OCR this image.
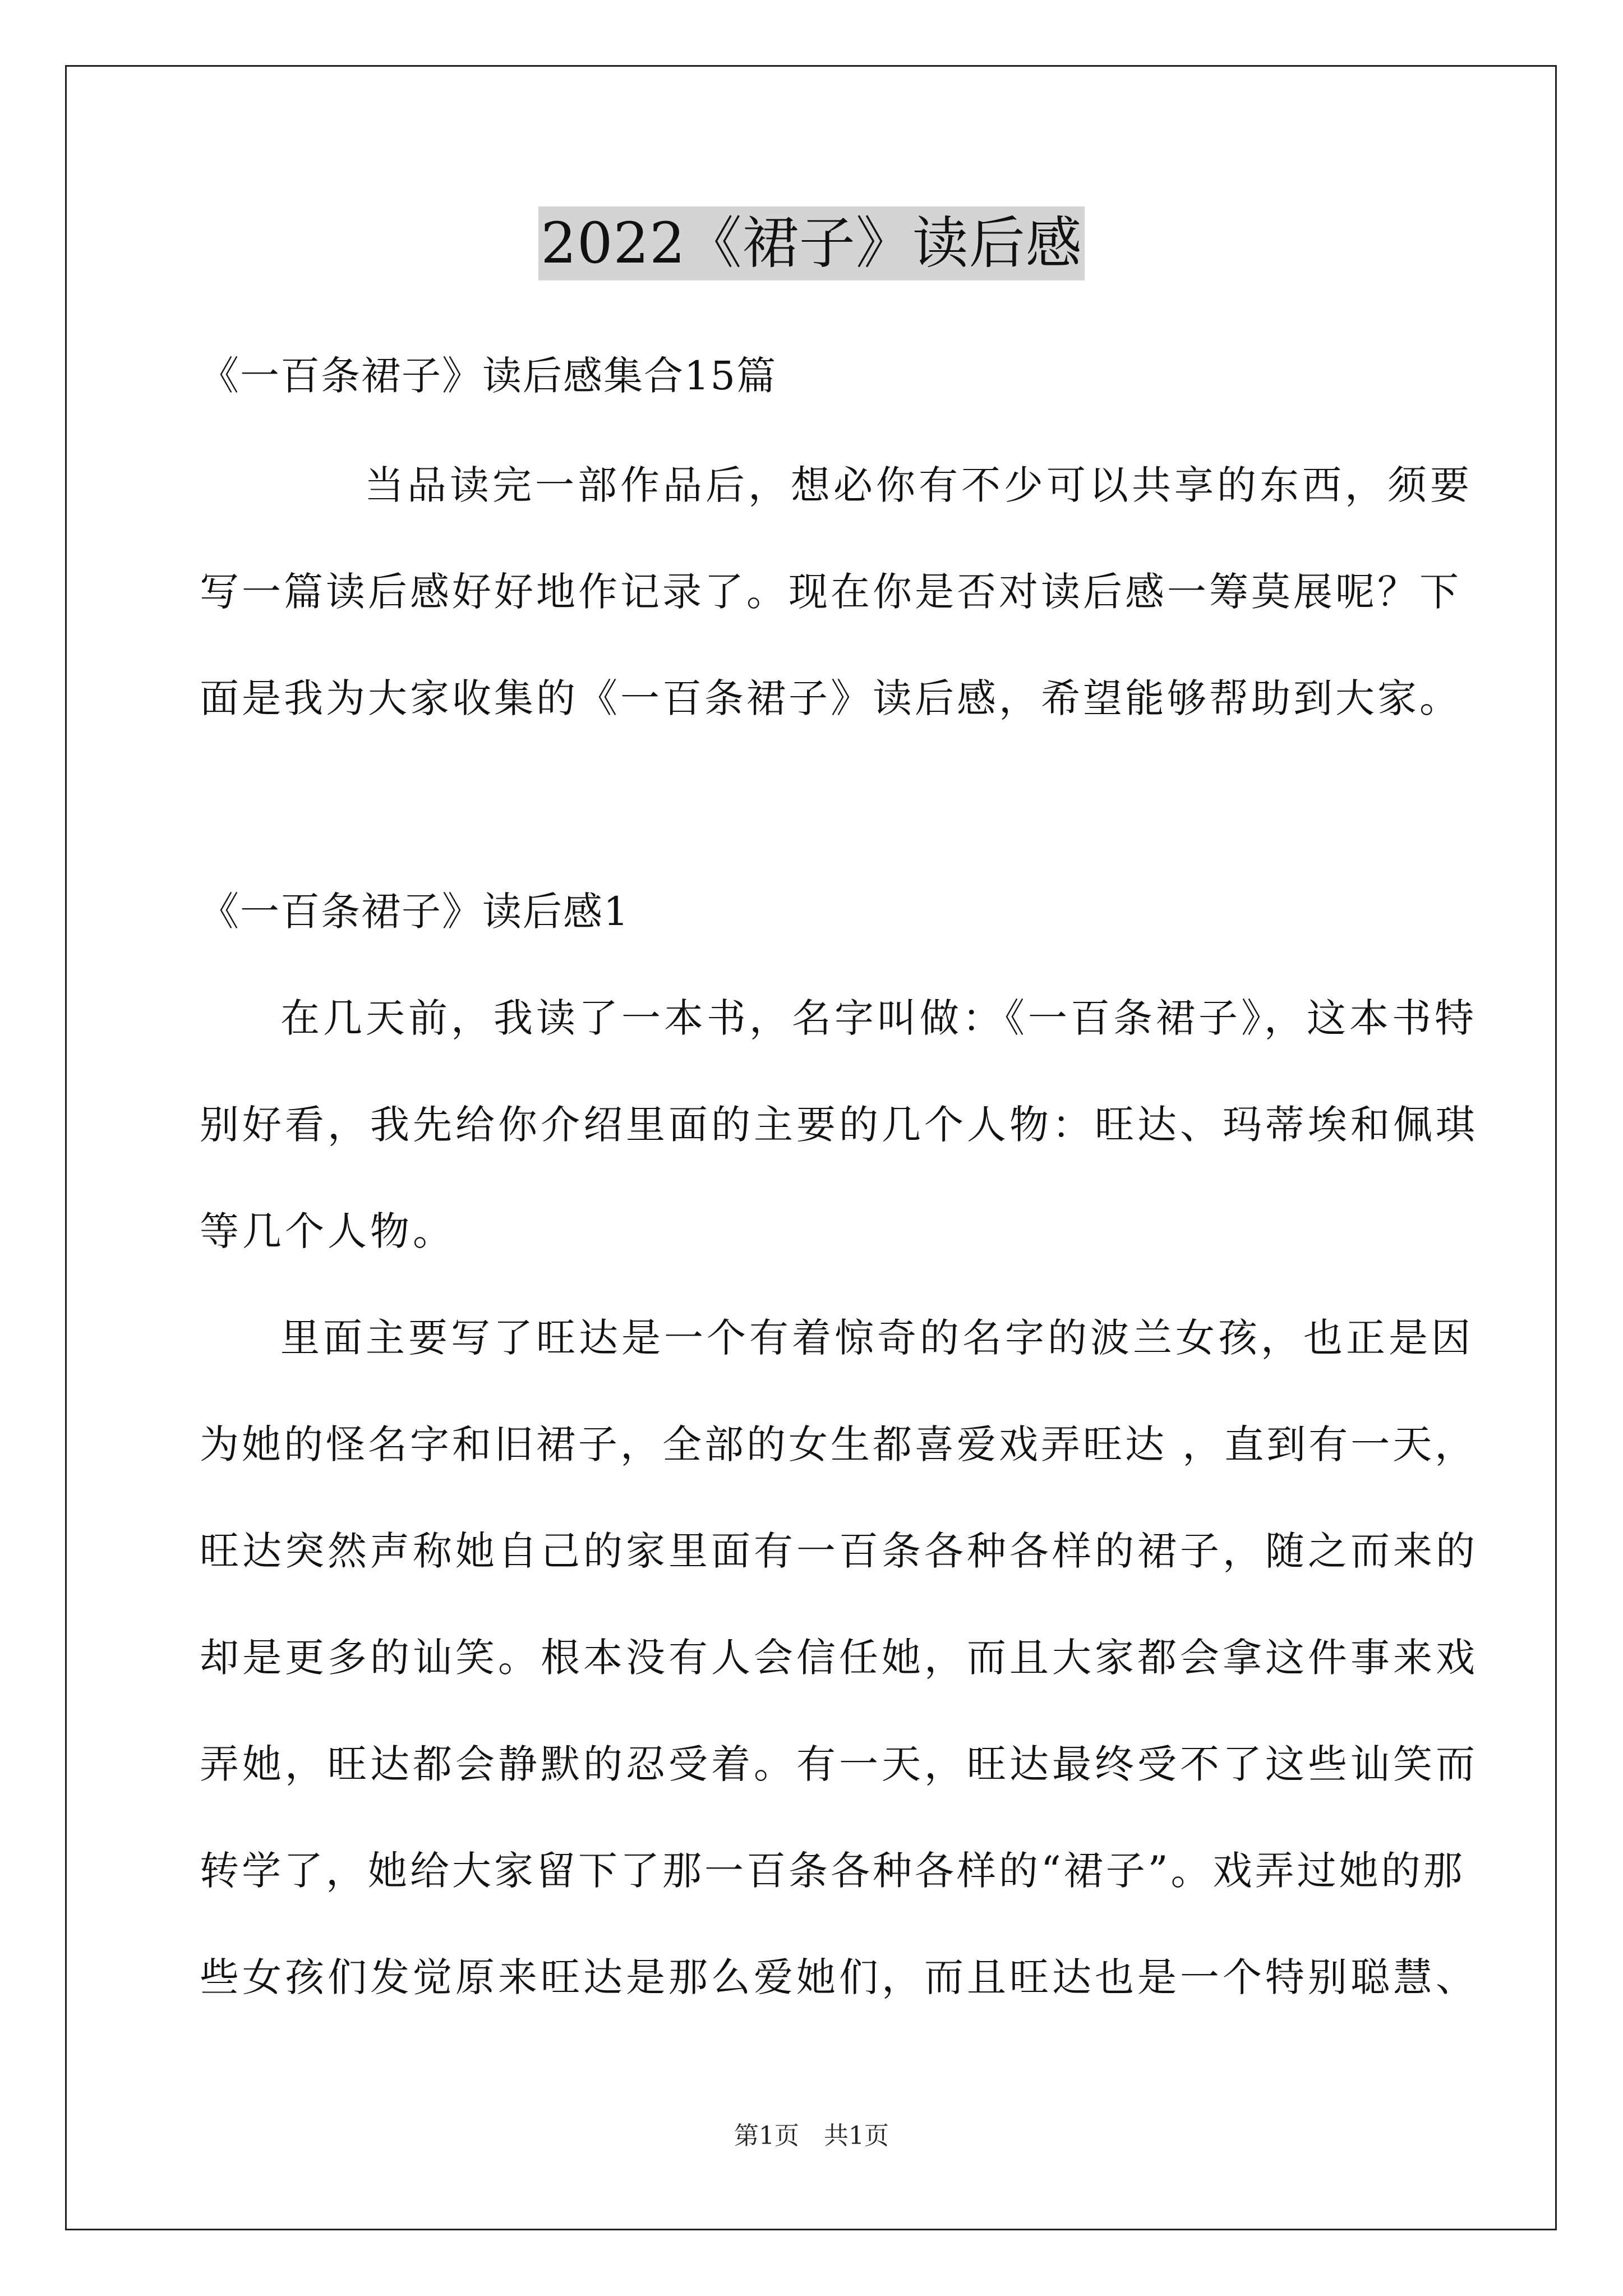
2022《裙子》读后感
《一百条裙子》读后感集合15篇
当品读完一部作品后，想必你有不少可以共享的东西，须要
写一篇读后感好好地作记录了。现在你是否对读后感一筹莫展呢？下
面是我为大家收集的《一百条裙子》读后感，希望能够帮助到大家。
《一百条裙子》读后感1
在几天前，我读了一本书，名字叫做：《一百条裙子》，这本书特
别好看，我先给你介绍里面的主要的几个人物：旺达、玛蒂埃和佩琪
等几个人物。
里面主要写了旺达是一个有着惊奇的名字的波兰女孩，也正是因
为她的怪名字和旧裙子，全部的女生都喜爱戏弄旺达 ，直到有一天，
旺达突然声称她自己的家里面有一百条各种各样的裙子，随之而来的
却是更多的讪笑。根本没有人会信任她，而且大家都会拿这件事来戏
弄她，旺达都会静默的忍受着。有一天，旺达最终受不了这些讪笑而
转学了，她给大家留下了那一百条各种各样的“裙子”。戏弄过她的那
些女孩们发觉原来旺达是那么爱她们，而且旺达也是一个特别聪慧、
第1页　共1页
